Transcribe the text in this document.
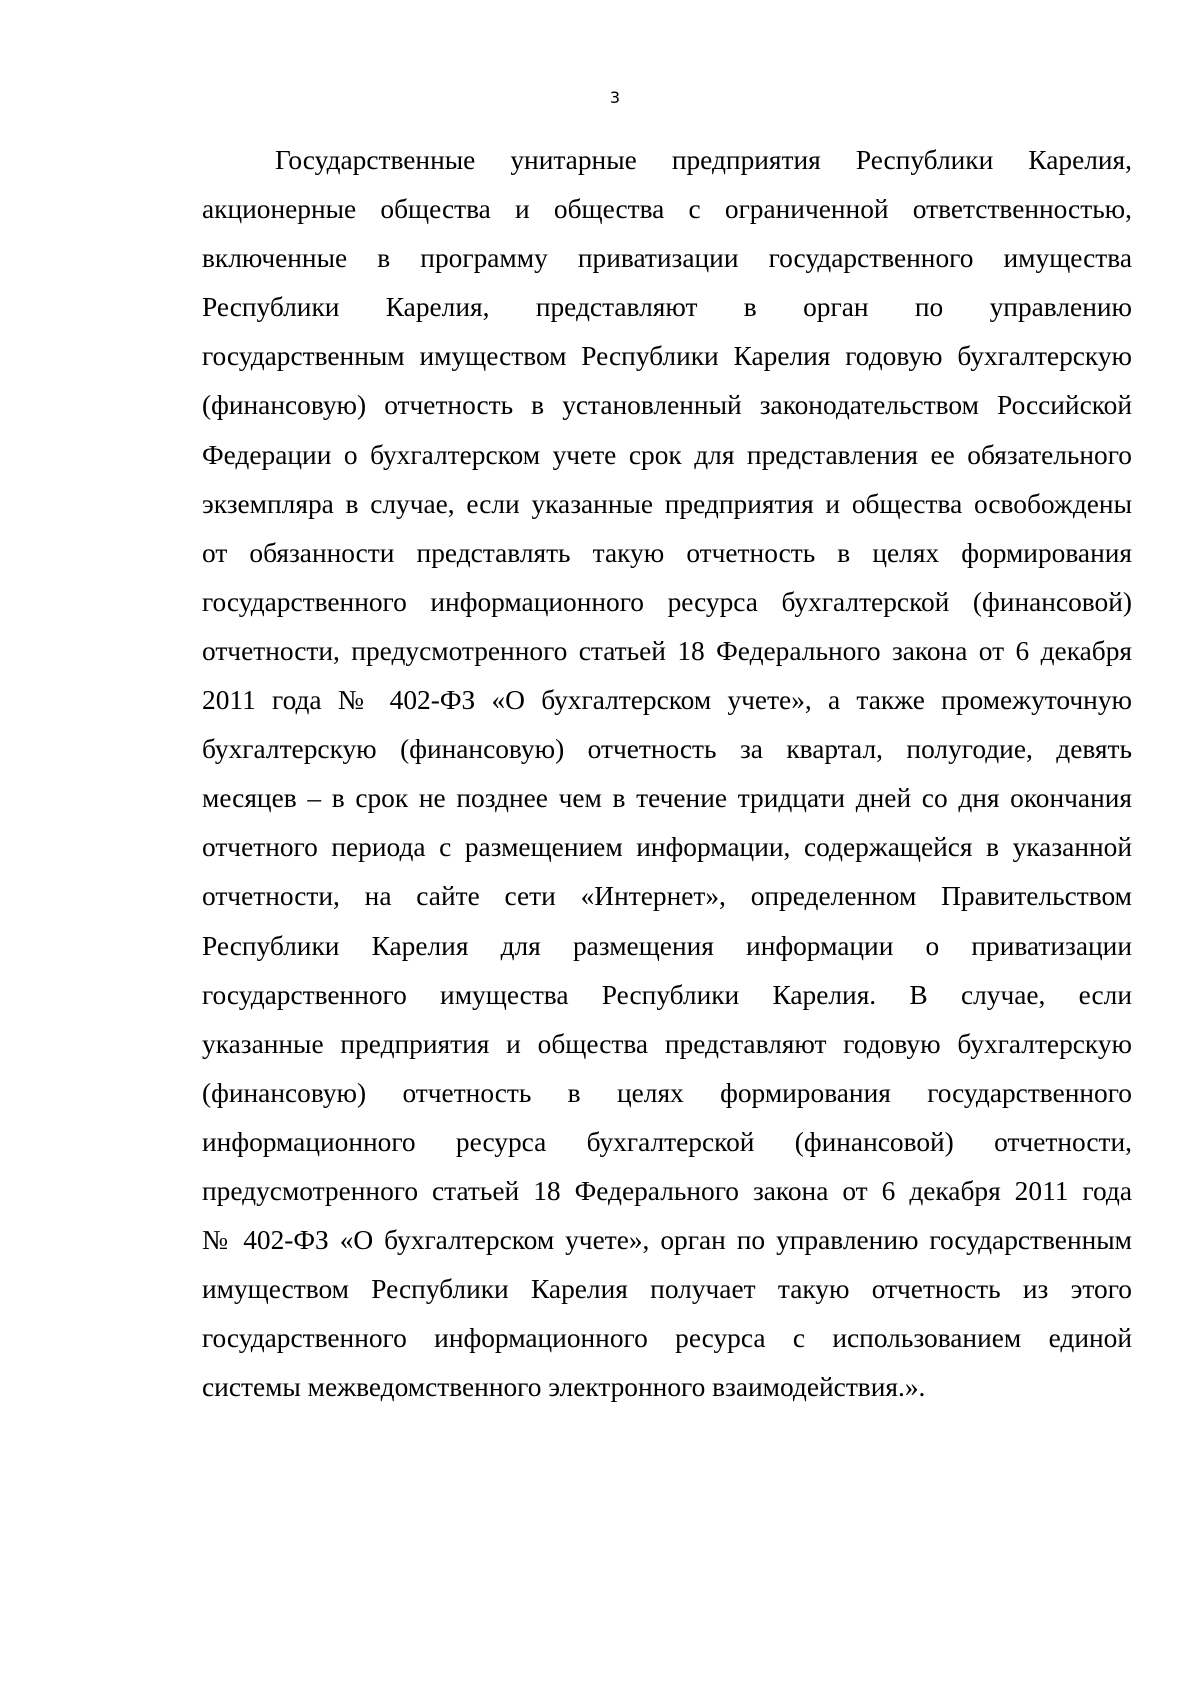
3
Государственные унитарные предприятия Республики Карелия,
акционерные общества и общества с ограниченной ответственностью,
включенные в программу приватизации государственного имущества
Республики Карелия, представляют в орган по управлению
государственным имуществом Республики Карелия годовую бухгалтерскую
(финансовую) отчетность в установленный законодательством Российской
Федерации о бухгалтерском учете срок для представления ее обязательного
экземпляра в случае, если указанные предприятия и общества освобождены
от обязанности представлять такую отчетность в целях формирования
государственного информационного ресурса бухгалтерской (финансовой)
отчетности, предусмотренного статьей 18 Федерального закона от 6 декабря
2011 года № 402-ФЗ «О бухгалтерском учете», а также промежуточную
бухгалтерскую (финансовую) отчетность за квартал, полугодие, девять
месяцев – в срок не позднее чем в течение тридцати дней со дня окончания
отчетного периода с размещением информации, содержащейся в указанной
отчетности, на сайте сети «Интернет», определенном Правительством
Республики Карелия для размещения информации о приватизации
государственного имущества Республики Карелия. В случае, если
указанные предприятия и общества представляют годовую бухгалтерскую
(финансовую) отчетность в целях формирования государственного
информационного ресурса бухгалтерской (финансовой) отчетности,
предусмотренного статьей 18 Федерального закона от 6 декабря 2011 года
№ 402-ФЗ «О бухгалтерском учете», орган по управлению государственным
имуществом Республики Карелия получает такую отчетность из этого
государственного информационного ресурса с использованием единой
системы межведомственного электронного взаимодействия.».
